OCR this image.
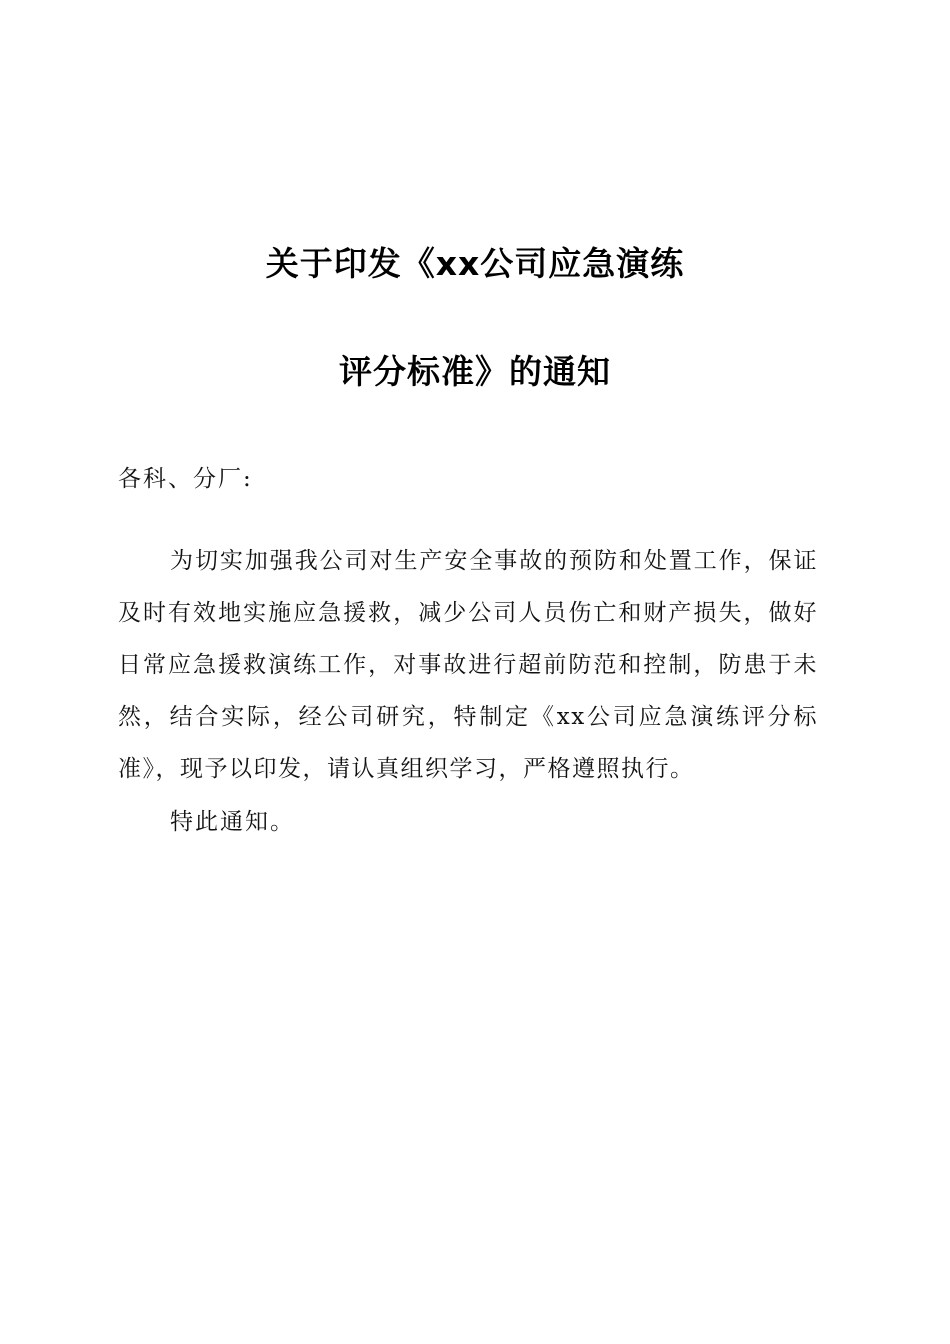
关于印发《xx公司应急演练
评分标准》的通知
各科、分厂:
为切实加强我公司对生产安全事故的预防和处置工作，保证及时有效地实施应急援救，减少公司人员伤亡和财产损失，做好日常应急援救演练工作，对事故进行超前防范和控制，防患于未然，结合实际，经公司研究，特制定《xx公司应急演练评分标准》，现予以印发，请认真组织学习，严格遵照执行。
特此通知。
